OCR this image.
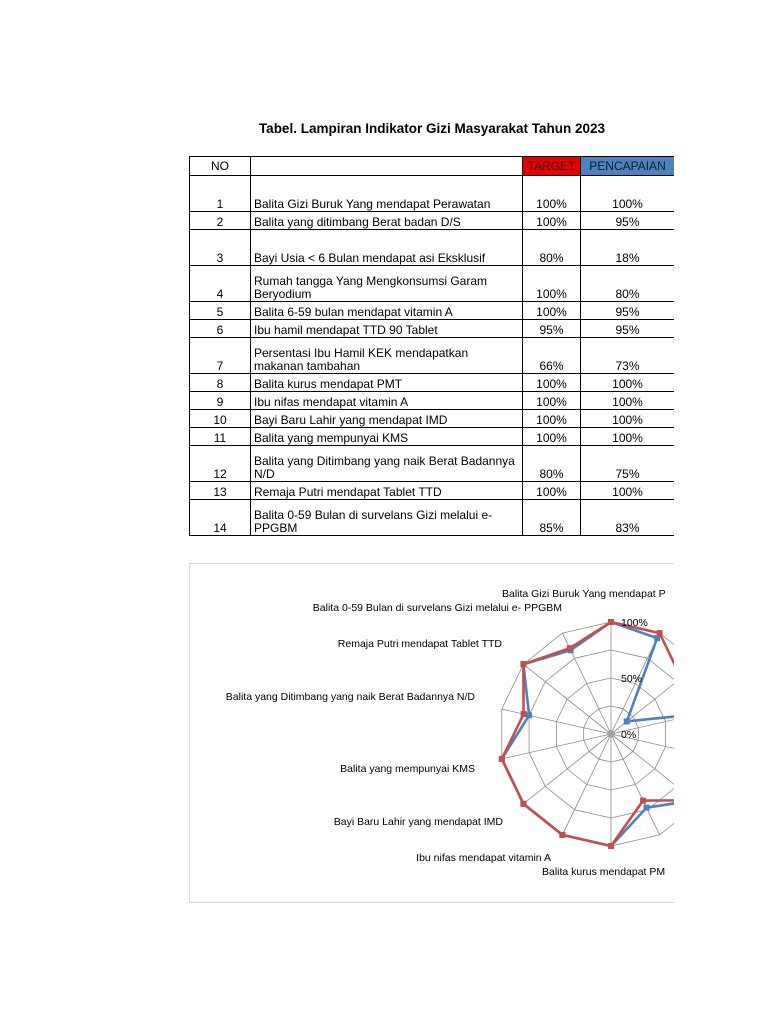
Tabel. Lampiran Indikator Gizi Masyarakat Tahun 2023
NO		TARGET	PENCAPAIAN
1	Balita Gizi Buruk Yang mendapat Perawatan	100%	100%
2	Balita yang ditimbang Berat badan D/S	100%	95%
3	Bayi Usia < 6 Bulan mendapat asi Eksklusif	80%	18%
4	Rumah tangga Yang Mengkonsumsi Garam Beryodium	100%	80%
5	Balita 6-59 bulan mendapat vitamin A	100%	95%
6	Ibu hamil mendapat TTD 90 Tablet	95%	95%
7	Persentasi Ibu Hamil KEK mendapatkan makanan tambahan	66%	73%
8	Balita kurus mendapat PMT	100%	100%
9	Ibu nifas mendapat vitamin A	100%	100%
10	Bayi Baru Lahir yang mendapat IMD	100%	100%
11	Balita yang mempunyai KMS	100%	100%
12	Balita yang Ditimbang yang naik Berat Badannya N/D	80%	75%
13	Remaja Putri mendapat Tablet TTD	100%	100%
14	Balita 0-59 Bulan di survelans Gizi melalui e-PPGBM	85%	83%
0%
50%
100%
Balita Gizi Buruk Yang mendapat P
Balita kurus mendapat PM
Ibu nifas mendapat vitamin A
Bayi Baru Lahir yang mendapat IMD
Balita yang mempunyai KMS
Balita yang Ditimbang yang naik Berat Badannya N/D
Remaja Putri mendapat Tablet TTD
Balita 0-59 Bulan di survelans Gizi melalui e- PPGBM
